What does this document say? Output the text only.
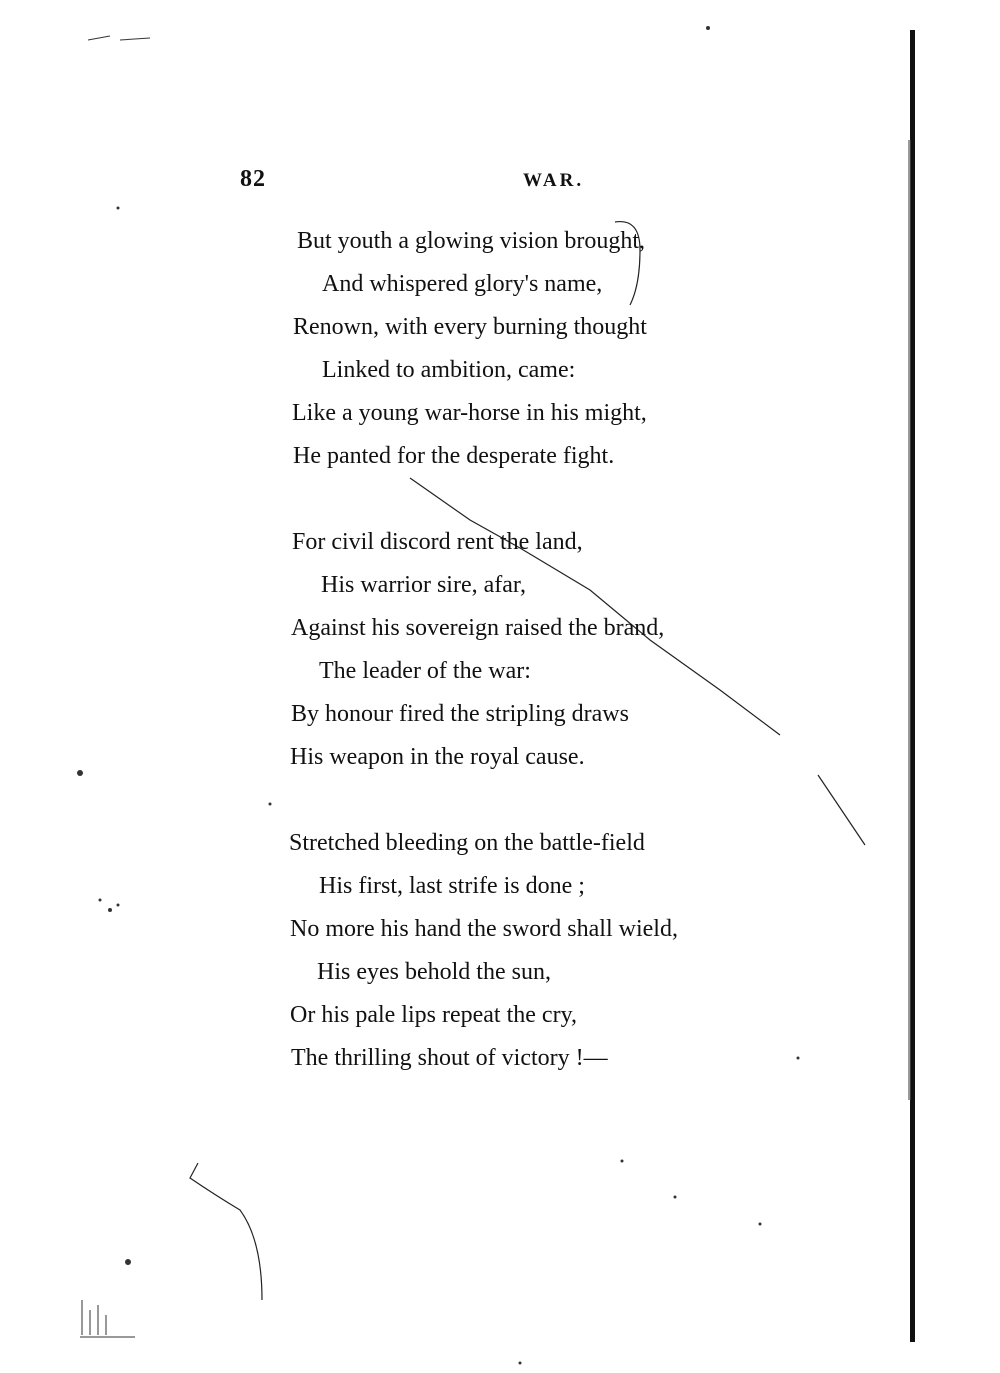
82	WAR.
But youth a glowing vision brought,
And whispered glory's name,
Renown, with every burning thought
Linked to ambition, came:
Like a young war-horse in his might,
He panted for the desperate fight.
For civil discord rent the land,
His warrior sire, afar,
Against his sovereign raised the brand,
The leader of the war:
By honour fired the stripling draws
His weapon in the royal cause.
Stretched bleeding on the battle-field
His first, last strife is done ;
No more his hand the sword shall wield,
His eyes behold the sun,
Or his pale lips repeat the cry,
The thrilling shout of victory !—
